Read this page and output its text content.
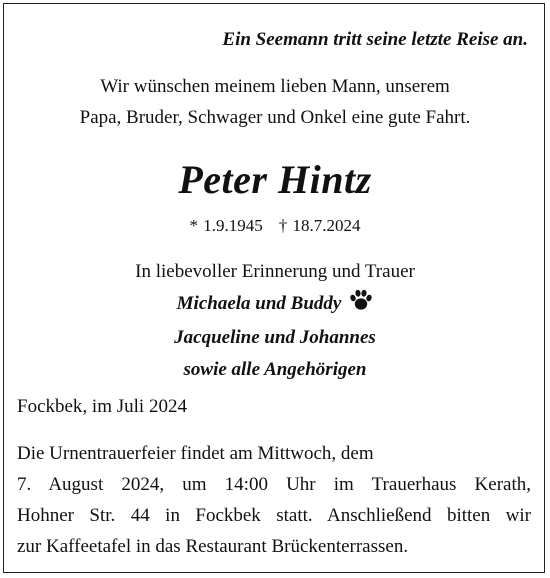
Ein Seemann tritt seine letzte Reise an.
Wir wünschen meinem lieben Mann, unserem
Papa, Bruder, Schwager und Onkel eine gute Fahrt.
Peter Hintz
* 1.9.1945 † 18.7.2024
In liebevoller Erinnerung und Trauer
Michaela und Buddy
Jacqueline und Johannes
sowie alle Angehörigen
Fockbek, im Juli 2024
Die Urnentrauerfeier findet am Mittwoch, dem
7. August 2024, um 14:00 Uhr im Trauerhaus Kerath,
Hohner Str. 44 in Fockbek statt. Anschließend bitten wir
zur Kaffeetafel in das Restaurant Brückenterrassen.
